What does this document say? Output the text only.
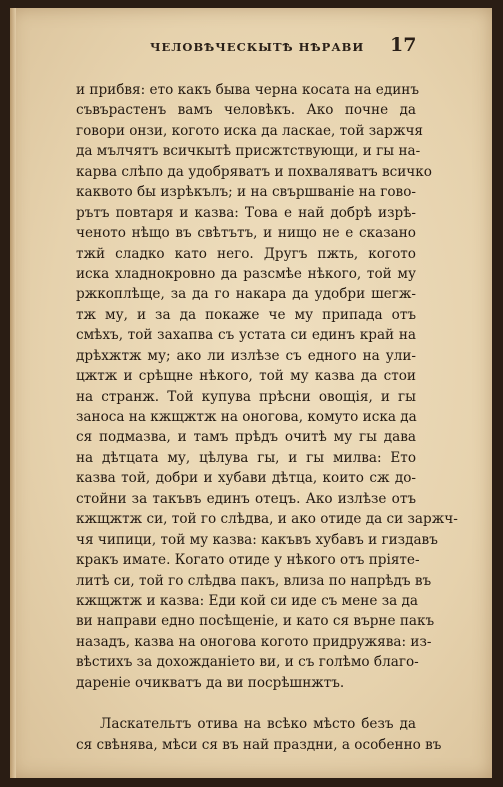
ЧЕЛОВѢЧЕСКЫТѢ НѢРАВИ 17
и прибвя: ето какъ быва черна косата на единъ
съвърастенъ вамъ человѣкъ. Ако почне да
говори онзи, когото иска да ласкае, той заржчя
да мълчятъ всичкытѣ присжтствующи, и гы на-
карва слѣпо да удобряватъ и похваляватъ всичко
каквото бы изрѣкълъ; и на свършваніе на гово-
рътъ повтаря и казва: Това е най добрѣ изрѣ-
ченото нѣщо въ свѣтътъ, и нищо не е сказано
тжй сладко като него. Другъ пжть, когото
иска хладнокровно да разсмѣе нѣкого, той му
ржкоплѣще, за да го накара да удобри шегж-
тж му, и за да покаже че му припада отъ
смѣхъ, той захапва съ устата си единъ край на
дрѣхжтж му; ако ли излѣзе съ едного на ули-
цжтж и срѣщне нѣкого, той му казва да стои
на странж. Той купува прѣсни овощія, и гы
заноса на кжщжтж на оногова, комуто иска да
ся подмазва, и тамъ прѣдъ очитѣ му гы дава
на дѣтцата му, цѣлува гы, и гы милва: Ето
казва той, добри и хубави дѣтца, които сж до-
стойни за такъвъ единъ отецъ. Ако излѣзе отъ
кжщжтж си, той го слѣдва, и ако отиде да си заржч-
чя чипици, той му казва: какъвъ хубавъ и гиздавъ
кракъ имате. Когато отиде у нѣкого отъ пріяте-
литѣ си, той го слѣдва пакъ, влиза по напрѣдъ въ
кжщжтж и казва: Еди кой си иде съ мене за да
ви направи едно посѣщеніе, и като ся върне пакъ
назадъ, казва на оногова когото придружява: из-
вѣстихъ за дохожданіето ви, и съ голѣмо благо-
дареніе очикватъ да ви посрѣшнжтъ.
Ласкательтъ отива на всѣко мѣсто безъ да
ся свѣнява, мѣси ся въ най праздни, а особенно въ
